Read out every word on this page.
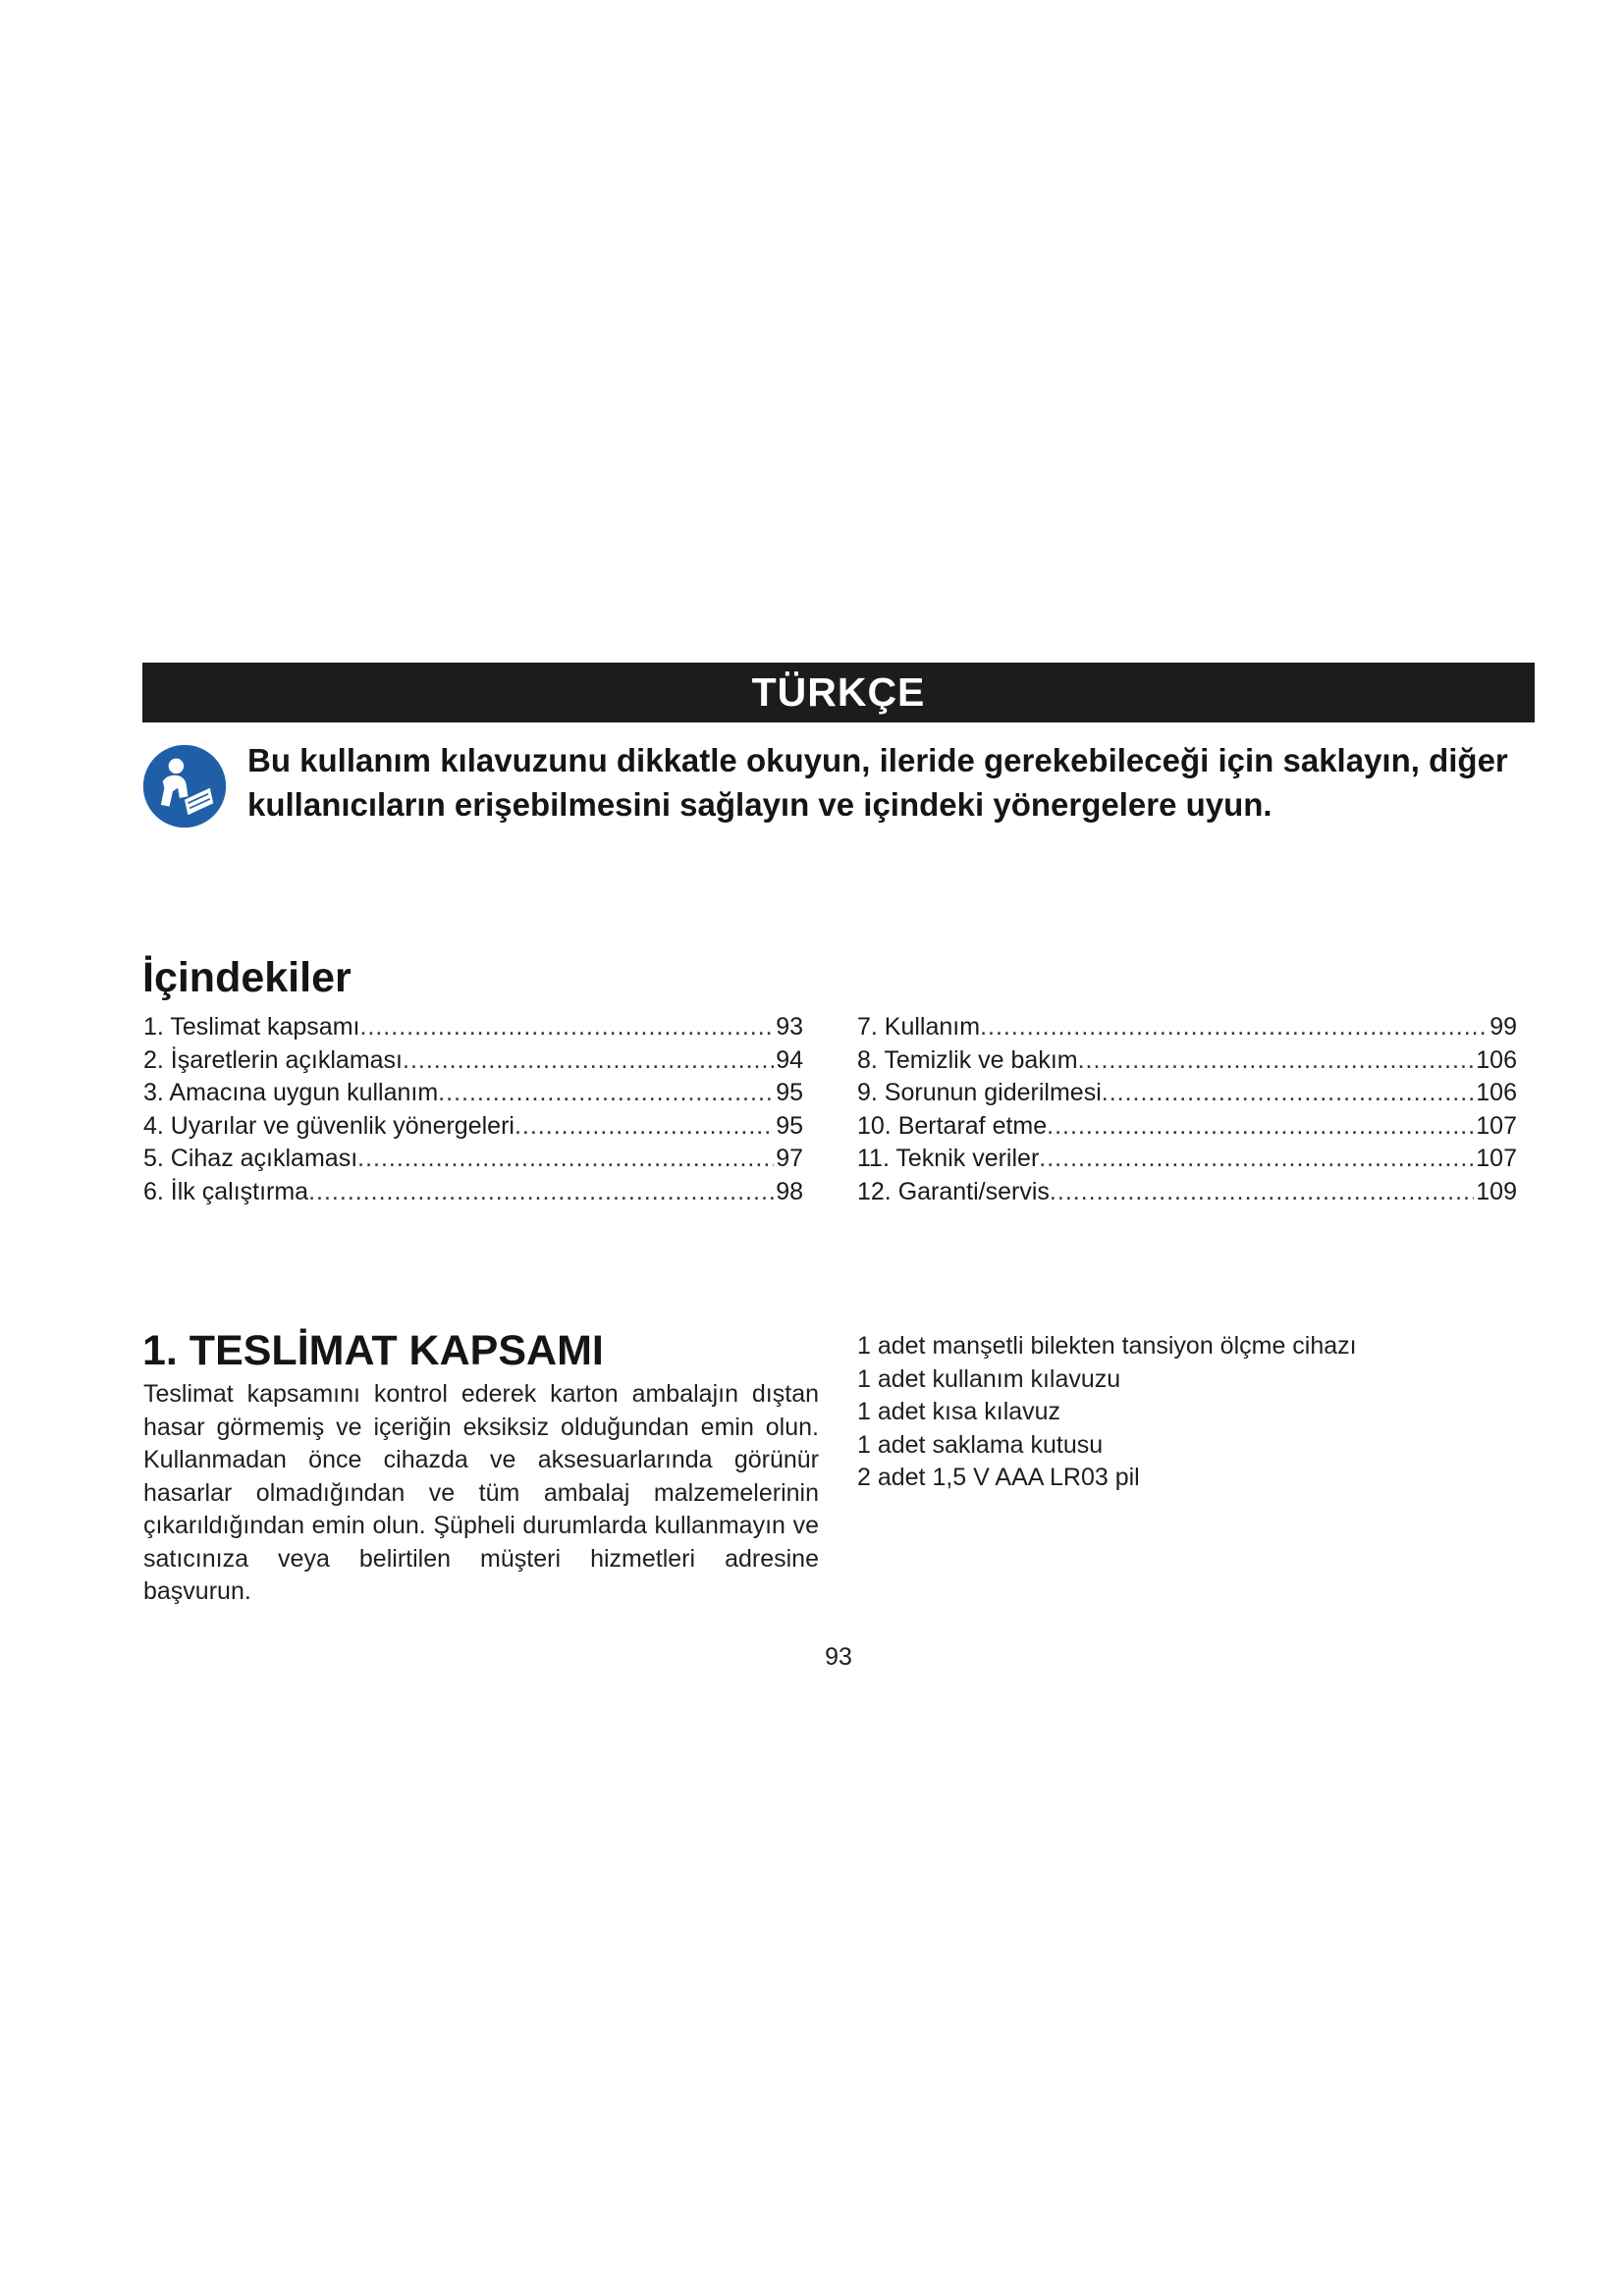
TÜRKÇE
Bu kullanım kılavuzunu dikkatle okuyun, ileride gerekebileceği için saklayın, diğer kullanıcıların erişebilmesini sağlayın ve içindeki yönergelere uyun.
İçindekiler
1. Teslimat kapsamı .....	93
2. İşaretlerin açıklaması .....	94
3. Amacına uygun kullanım .....	95
4. Uyarılar ve güvenlik yönergeleri .....	95
5. Cihaz açıklaması .....	97
6. İlk çalıştırma .....	98
7. Kullanım .....	99
8. Temizlik ve bakım .....	106
9. Sorunun giderilmesi .....	106
10. Bertaraf etme .....	107
11. Teknik veriler .....	107
12. Garanti/servis .....	109
1. TESLİMAT KAPSAMI

Teslimat kapsamını kontrol ederek karton ambalajın dıştan hasar görmemiş ve içeriğin eksiksiz olduğundan emin olun. Kullanmadan önce cihazda ve aksesuarlarında görünür hasarlar olmadığından ve tüm ambalaj malzemelerinin çıkarıldığından emin olun. Şüpheli durumlarda kullanmayın ve satıcınıza veya belirtilen müşteri hizmetleri adresine başvurun.

1 adet manşetli bilekten tansiyon ölçme cihazı
1 adet kullanım kılavuzu
1 adet kısa kılavuz
1 adet saklama kutusu
2 adet 1,5 V AAA LR03 pil
93
